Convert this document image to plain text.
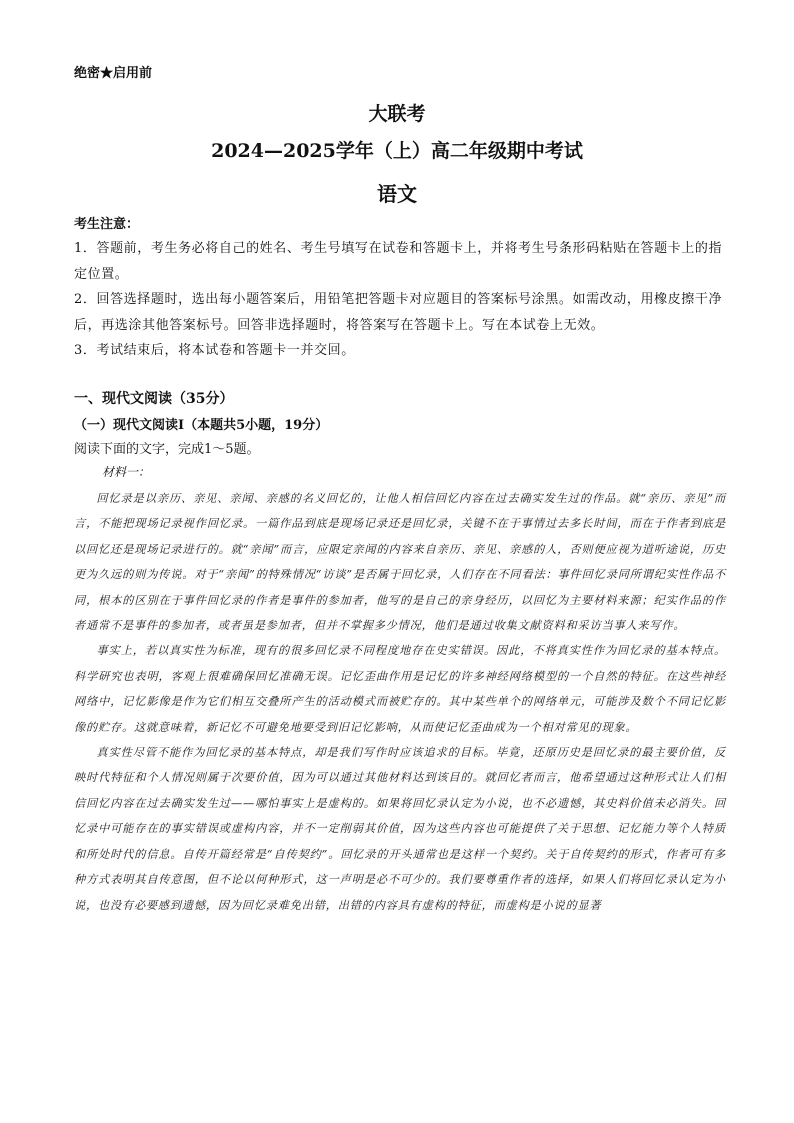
绝密★启用前
大联考
2024—2025学年（上）高二年级期中考试
语文
考生注意：

1．答题前，考生务必将自己的姓名、考生号填写在试卷和答题卡上，并将考生号条形码粘贴在答题卡上的指定位置。

2．回答选择题时，选出每小题答案后，用铅笔把答题卡对应题目的答案标号涂黑。如需改动，用橡皮擦干净后，再选涂其他答案标号。回答非选择题时，将答案写在答题卡上。写在本试卷上无效。

3．考试结束后，将本试卷和答题卡一并交回。

一、现代文阅读（35分）
（一）现代文阅读Ⅰ（本题共5小题，19分）
阅读下面的文字，完成1～5题。
材料一：

回忆录是以亲历、亲见、亲闻、亲感的名义回忆的，让他人相信回忆内容在过去确实发生过的作品。就“亲历、亲见”而言，不能把现场记录视作回忆录。一篇作品到底是现场记录还是回忆录，关键不在于事情过去多长时间，而在于作者到底是以回忆还是现场记录进行的。就“亲闻”而言，应限定亲闻的内容来自亲历、亲见、亲感的人，否则便应视为道听途说，历史更为久远的则为传说。对于“亲闻”的特殊情况“访谈”是否属于回忆录，人们存在不同看法：事件回忆录同所谓纪实性作品不同，根本的区别在于事件回忆录的作者是事件的参加者，他写的是自己的亲身经历，以回忆为主要材料来源；纪实作品的作者通常不是事件的参加者，或者虽是参加者，但并不掌握多少情况，他们是通过收集文献资料和采访当事人来写作。

事实上，若以真实性为标准，现有的很多回忆录不同程度地存在史实错误。因此，不将真实性作为回忆录的基本特点。科学研究也表明，客观上很难确保回忆准确无误。记忆歪曲作用是记忆的许多神经网络模型的一个自然的特征。在这些神经网络中，记忆影像是作为它们相互交叠所产生的活动模式而被贮存的。其中某些单个的网络单元，可能涉及数个不同记忆影像的贮存。这就意味着，新记忆不可避免地要受到旧记忆影响，从而使记忆歪曲成为一个相对常见的现象。

真实性尽管不能作为回忆录的基本特点，却是我们写作时应该追求的目标。毕竟，还原历史是回忆录的最主要价值，反映时代特征和个人情况则属于次要价值，因为可以通过其他材料达到该目的。就回忆者而言，他希望通过这种形式让人们相信回忆内容在过去确实发生过——哪怕事实上是虚构的。如果将回忆录认定为小说，也不必遗憾，其史料价值未必消失。回忆录中可能存在的事实错误或虚构内容，并不一定削弱其价值，因为这些内容也可能提供了关于思想、记忆能力等个人特质和所处时代的信息。自传开篇经常是“自传契约”。回忆录的开头通常也是这样一个契约。关于自传契约的形式，作者可有多种方式表明其自传意图，但不论以何种形式，这一声明是必不可少的。我们要尊重作者的选择，如果人们将回忆录认定为小说，也没有必要感到遗憾，因为回忆录难免出错，出错的内容具有虚构的特征，而虚构是小说的显著
